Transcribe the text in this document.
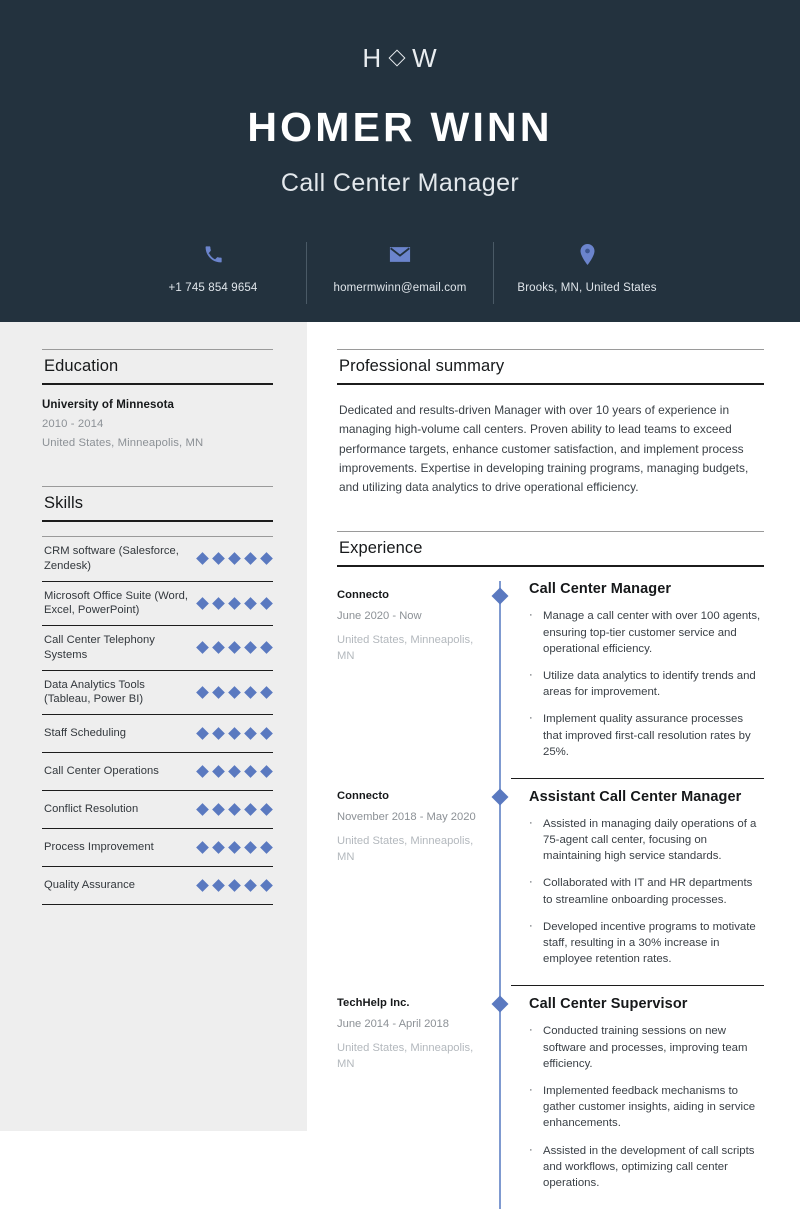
H W
HOMER WINN
Call Center Manager
+1 745 854 9654	homermwinn@email.com	Brooks, MN, United States
Education
University of Minnesota
2010 - 2014
United States, Minneapolis, MN
Skills
CRM software (Salesforce, Zendesk)
Microsoft Office Suite (Word, Excel, PowerPoint)
Call Center Telephony Systems
Data Analytics Tools (Tableau, Power BI)
Staff Scheduling
Call Center Operations
Conflict Resolution
Process Improvement
Quality Assurance
Professional summary
Dedicated and results-driven Manager with over 10 years of experience in managing high-volume call centers. Proven ability to lead teams to exceed performance targets, enhance customer satisfaction, and implement process improvements. Expertise in developing training programs, managing budgets, and utilizing data analytics to drive operational efficiency.
Experience
Connecto
June 2020 - Now
United States, Minneapolis, MN
Call Center Manager
· Manage a call center with over 100 agents, ensuring top-tier customer service and operational efficiency.
· Utilize data analytics to identify trends and areas for improvement.
· Implement quality assurance processes that improved first-call resolution rates by 25%.
Connecto
November 2018 - May 2020
United States, Minneapolis, MN
Assistant Call Center Manager
· Assisted in managing daily operations of a 75-agent call center, focusing on maintaining high service standards.
· Collaborated with IT and HR departments to streamline onboarding processes.
· Developed incentive programs to motivate staff, resulting in a 30% increase in employee retention rates.
TechHelp Inc.
June 2014 - April 2018
United States, Minneapolis, MN
Call Center Supervisor
· Conducted training sessions on new software and processes, improving team efficiency.
· Implemented feedback mechanisms to gather customer insights, aiding in service enhancements.
· Assisted in the development of call scripts and workflows, optimizing call center operations.
